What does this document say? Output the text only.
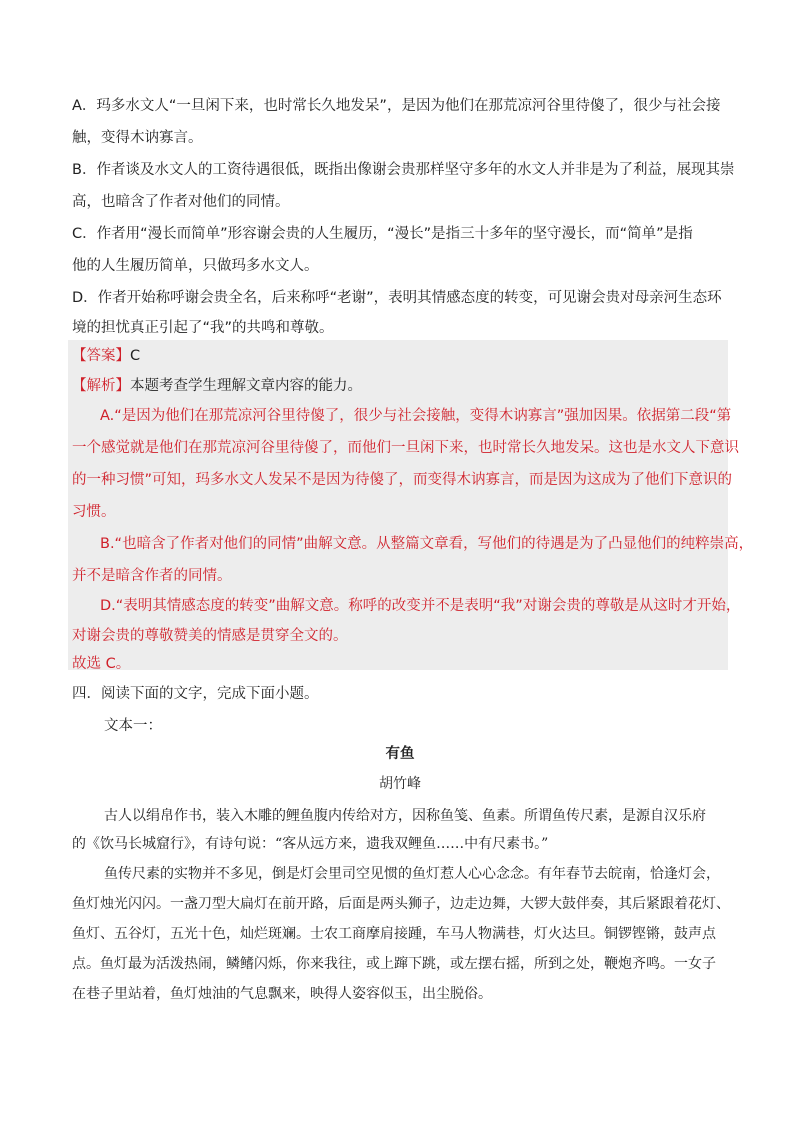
A．玛多水文人“一旦闲下来，也时常长久地发呆”，是因为他们在那荒凉河谷里待傻了，很少与社会接
触，变得木讷寡言。
B．作者谈及水文人的工资待遇很低，既指出像谢会贵那样坚守多年的水文人并非是为了利益，展现其崇
高，也暗含了作者对他们的同情。
C．作者用“漫长而简单”形容谢会贵的人生履历，“漫长”是指三十多年的坚守漫长，而“简单”是指
他的人生履历简单，只做玛多水文人。
D．作者开始称呼谢会贵全名，后来称呼“老谢”，表明其情感态度的转变，可见谢会贵对母亲河生态环
境的担忧真正引起了“我”的共鸣和尊敬。
【答案】C
【解析】本题考查学生理解文章内容的能力。
A.“是因为他们在那荒凉河谷里待傻了，很少与社会接触，变得木讷寡言”强加因果。依据第二段“第
一个感觉就是他们在那荒凉河谷里待傻了，而他们一旦闲下来，也时常长久地发呆。这也是水文人下意识
的一种习惯”可知，玛多水文人发呆不是因为待傻了，而变得木讷寡言，而是因为这成为了他们下意识的
习惯。
B.“也暗含了作者对他们的同情”曲解文意。从整篇文章看，写他们的待遇是为了凸显他们的纯粹崇高，
并不是暗含作者的同情。
D.“表明其情感态度的转变”曲解文意。称呼的改变并不是表明“我”对谢会贵的尊敬是从这时才开始，
对谢会贵的尊敬赞美的情感是贯穿全文的。
故选 C。
四．阅读下面的文字，完成下面小题。
文本一：
有鱼
胡竹峰
古人以绢帛作书，装入木雕的鲤鱼腹内传给对方，因称鱼笺、鱼素。所谓鱼传尺素，是源自汉乐府
的《饮马长城窟行》，有诗句说：“客从远方来，遗我双鲤鱼……中有尺素书。”
鱼传尺素的实物并不多见，倒是灯会里司空见惯的鱼灯惹人心心念念。有年春节去皖南，恰逢灯会，
鱼灯烛光闪闪。一盏刀型大扁灯在前开路，后面是两头狮子，边走边舞，大锣大鼓伴奏，其后紧跟着花灯、
鱼灯、五谷灯，五光十色，灿烂斑斓。士农工商摩肩接踵，车马人物满巷，灯火达旦。铜锣铿锵，鼓声点
点。鱼灯最为活泼热闹，鳞鳍闪烁，你来我往，或上蹿下跳，或左摆右摇，所到之处，鞭炮齐鸣。一女子
在巷子里站着，鱼灯烛油的气息飘来，映得人姿容似玉，出尘脱俗。
